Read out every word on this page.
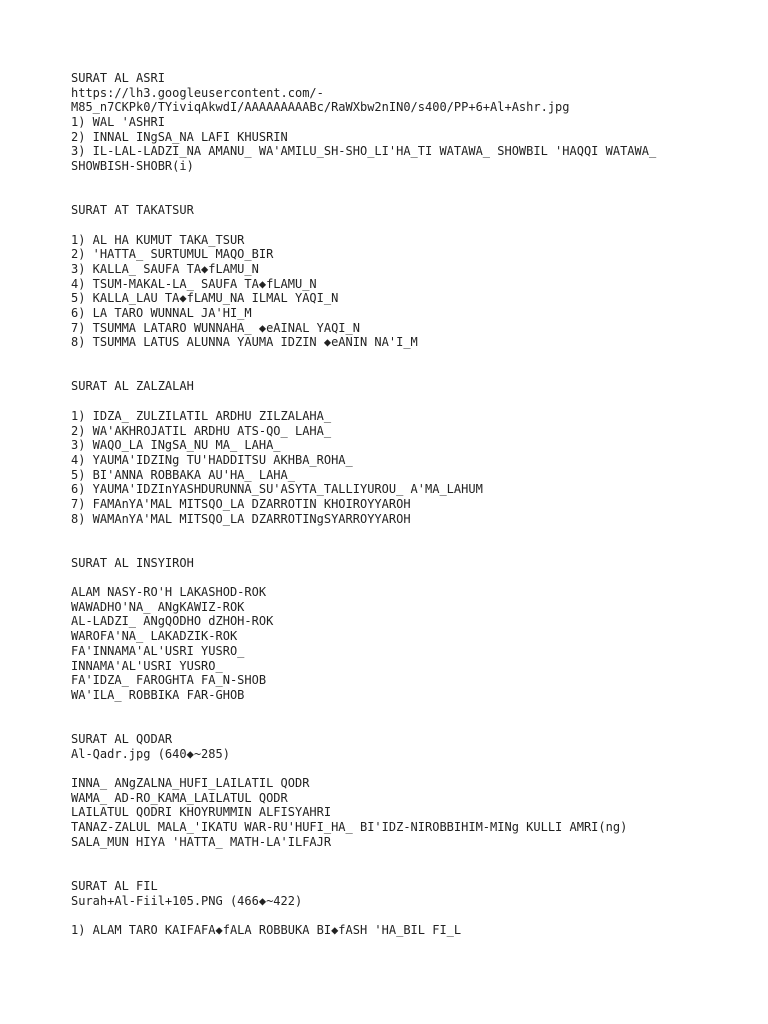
SURAT AL ASRI
https://lh3.googleusercontent.com/-
M85_n7CKPk0/TYiviqAkwdI/AAAAAAAAABc/RaWXbw2nIN0/s400/PP+6+Al+Ashr.jpg
1) WAL 'ASHRI
2) INNAL INgSA_NA LAFI KHUSRIN
3) IL-LAL-LADZI_NA AMANU_ WA'AMILU_SH-SHO_LI'HA_TI WATAWA_ SHOWBIL 'HAQQI WATAWA_
SHOWBISH-SHOBR(i)
SURAT AT TAKATSUR
1) AL HA KUMUT TAKA_TSUR
2) 'HATTA_ SURTUMUL MAQO_BIR
3) KALLA_ SAUFA TA◆fLAMU_N
4) TSUM-MAKAL-LA_ SAUFA TA◆fLAMU_N
5) KALLA_LAU TA◆fLAMU_NA ILMAL YAQI_N
6) LA TARO WUNNAL JA'HI_M
7) TSUMMA LATARO WUNNAHA_ ◆eAINAL YAQI_N
8) TSUMMA LATUS ALUNNA YAUMA IDZIN ◆eANIN NA'I_M
SURAT AL ZALZALAH
1) IDZA_ ZULZILATIL ARDHU ZILZALAHA_
2) WA'AKHROJATIL ARDHU ATS-QO_ LAHA_
3) WAQO_LA INgSA_NU MA_ LAHA_
4) YAUMA'IDZINg TU'HADDITSU AKHBA_ROHA_
5) BI'ANNA ROBBAKA AU'HA_ LAHA_
6) YAUMA'IDZInYASHDURUNNA_SU'ASYTA_TALLIYUROU_ A'MA_LAHUM
7) FAMAnYA'MAL MITSQO_LA DZARROTIN KHOIROYYAROH
8) WAMAnYA'MAL MITSQO_LA DZARROTINgSYARROYYAROH
SURAT AL INSYIROH
ALAM NASY-RO'H LAKASHOD-ROK
WAWADHO'NA_ ANgKAWIZ-ROK
AL-LADZI_ ANgQODHO dZHOH-ROK
WAROFA'NA_ LAKADZIK-ROK
FA'INNAMA'AL'USRI YUSRO_
INNAMA'AL'USRI YUSRO_
FA'IDZA_ FAROGHTA FA_N-SHOB
WA'ILA_ ROBBIKA FAR-GHOB
SURAT AL QODAR
Al-Qadr.jpg (640◆~285)
INNA_ ANgZALNA_HUFI_LAILATIL QODR
WAMA_ AD-RO_KAMA_LAILATUL QODR
LAILATUL QODRI KHOYRUMMIN ALFISYAHRI
TANAZ-ZALUL MALA_'IKATU WAR-RU'HUFI_HA_ BI'IDZ-NIROBBIHIM-MINg KULLI AMRI(ng)
SALA_MUN HIYA 'HATTA_ MATH-LA'ILFAJR
SURAT AL FIL
Surah+Al-Fiil+105.PNG (466◆~422)
1) ALAM TARO KAIFAFA◆fALA ROBBUKA BI◆fASH 'HA_BIL FI_L
